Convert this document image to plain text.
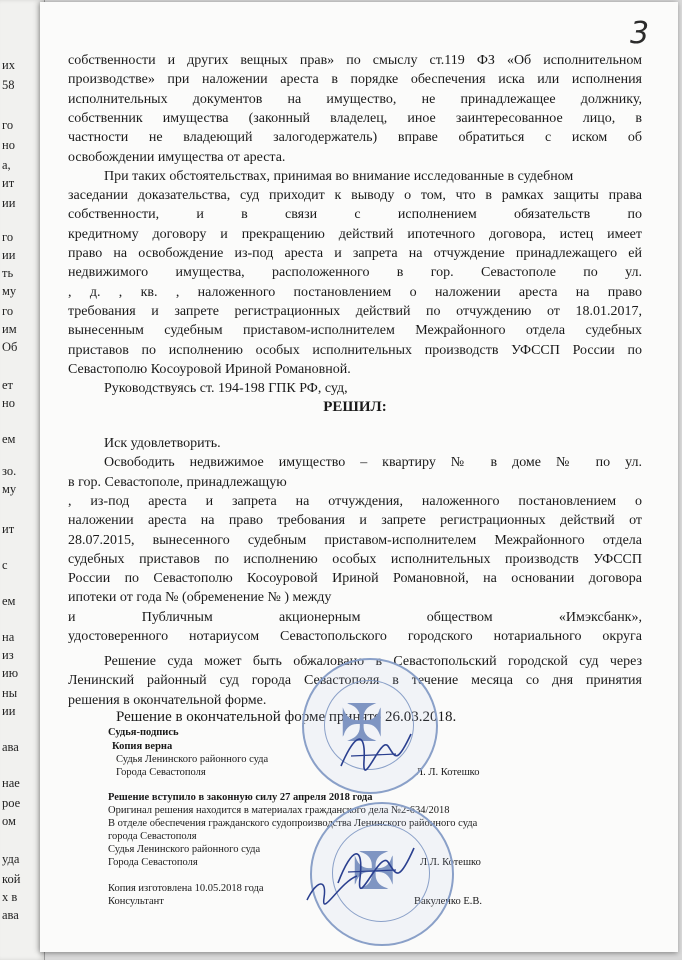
их
58
го
но
а,
ит
ии
го
ии
ть
му
го
им
Об
ет
но
ем
зо.
му
ит
с
ем
на
из
ию
ны
ии
ава
нае
рое
ом
уда
кой
х в
ава
3
собственности и других вещных прав» по смыслу ст.119 ФЗ «Об исполнительном
производстве» при наложении ареста в порядке обеспечения иска или исполнения
исполнительных документов на имущество, не принадлежащее должнику,
собственник имущества (законный владелец, иное заинтересованное лицо, в
частности не владеющий залогодержатель) вправе обратиться с иском об
освобождении имущества от ареста.
При таких обстоятельствах, принимая во внимание исследованные в судебном
заседании доказательства, суд приходит к выводу о том, что в рамках защиты права
собственности, и в связи с исполнением обязательств по
кредитному договору и прекращению действий ипотечного договора, истец имеет
право на освобождение из-под ареста и запрета на отчуждение принадлежащего ей
недвижимого имущества, расположенного в гор. Севастополе по ул.
, д. , кв. , наложенного постановлением о наложении ареста на право
требования и запрете регистрационных действий по отчуждению от 18.01.2017,
вынесенным судебным приставом-исполнителем Межрайонного отдела судебных
приставов по исполнению особых исполнительных производств УФССП России по
Севастополю Косоуровой Ириной Романовной.
Руководствуясь ст. 194-198 ГПК РФ, суд,
РЕШИЛ:
Иск удовлетворить.
Освободить недвижимое имущество – квартиру № в доме № по ул.
в гор. Севастополе, принадлежащую
, из-под ареста и запрета на отчуждения, наложенного постановлением о
наложении ареста на право требования и запрете регистрационных действий от
28.07.2015, вынесенного судебным приставом-исполнителем Межрайонного отдела
судебных приставов по исполнению особых исполнительных производств УФССП
России по Севастополю Косоуровой Ириной Романовной, на основании договора
ипотеки от года № (обременение № ) между
и Публичным акционерным обществом «Имэксбанк»,
удостоверенного нотариусом Севастопольского городского нотариального округа
Решение суда может быть обжаловано в Севастопольский городской суд через
Ленинский районный суд города Севастополя в течение месяца со дня принятия
решения в окончательной форме.
Решение в окончательной форме принято 26.03.2018.
Судья-подпись
Копия верна
Судья Ленинского районного суда
Города Севастополя	Л. Л. Котешко
Решение вступило в законную силу 27 апреля 2018 года
Оригинал решения находится в материалах гражданского дела №2-634/2018
В отделе обеспечения гражданского судопроизводства Ленинского районного суда
города Севастополя
Судья Ленинского районного суда
Города Севастополя	Л.Л. Котешко
Копия изготовлена 10.05.2018 года
Консультант	Вакуленко Е.В.
✠
✠
